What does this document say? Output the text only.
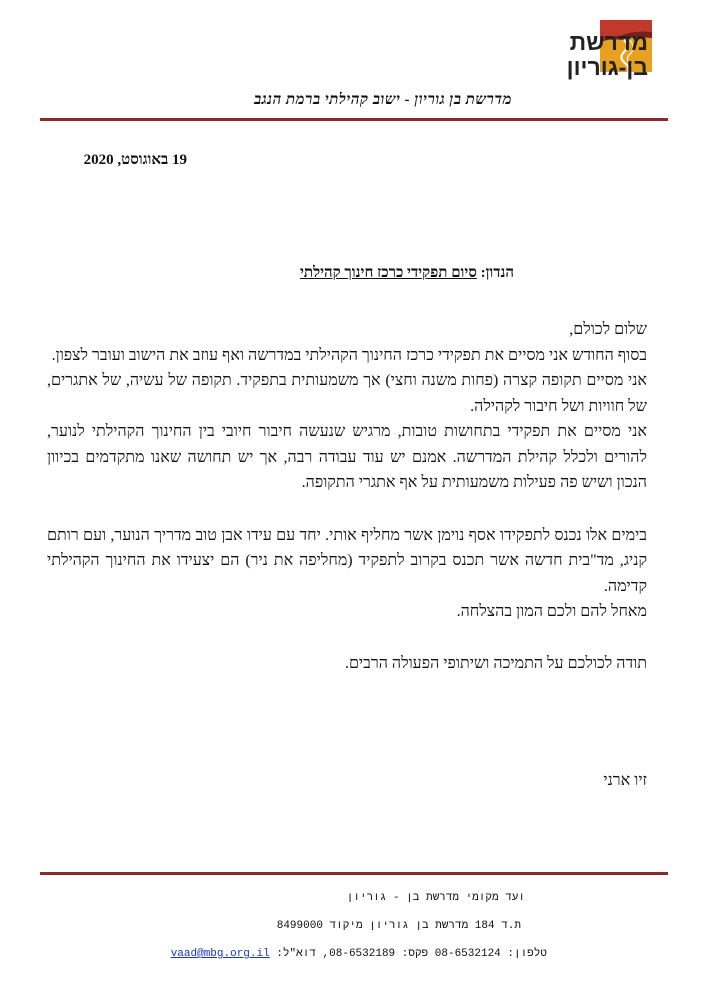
מדרשת
בן-גוריון
מדרשת בן גוריון - ישוב קהילתי ברמת הנגב
19 באוגוסט, 2020
הנדון: סיום תפקידי כרכז חינוך קהילתי

שלום לכולם,

בסוף החודש אני מסיים את תפקידי כרכז החינוך הקהילתי במדרשה ואף עוזב את הישוב ועובר לצפון.

אני מסיים תקופה קצרה (פחות משנה וחצי) אך משמעותית בתפקיד. תקופה של עשיה, של אתגרים, של חוויות ושל חיבור לקהילה.

אני מסיים את תפקידי בתחושות טובות, מרגיש שנעשה חיבור חיובי בין החינוך הקהילתי לנוער, להורים ולכלל קהילת המדרשה. אמנם יש עוד עבודה רבה, אך יש תחושה שאנו מתקדמים בכיוון הנכון ושיש פה פעילות משמעותית על אף אתגרי התקופה.

בימים אלו נכנס לתפקידו אסף נוימן אשר מחליף אותי. יחד עם עידו אבן טוב מדריך הנוער, ועם רותם קניג, מד"בית חדשה אשר תכנס בקרוב לתפקיד (מחליפה את ניר) הם יצעידו את החינוך הקהילתי קדימה.

מאחל להם ולכם המון בהצלחה.

תודה לכולכם על התמיכה ושיתופי הפעולה הרבים.

זיו ארני
ועד מקומי מדרשת בן - גוריון
ת.ד 184 מדרשת בן גוריון מיקוד 8499000
טלפון: 08-6532124 פקס: 08-6532189, דוא"ל: vaad@mbg.org.il
